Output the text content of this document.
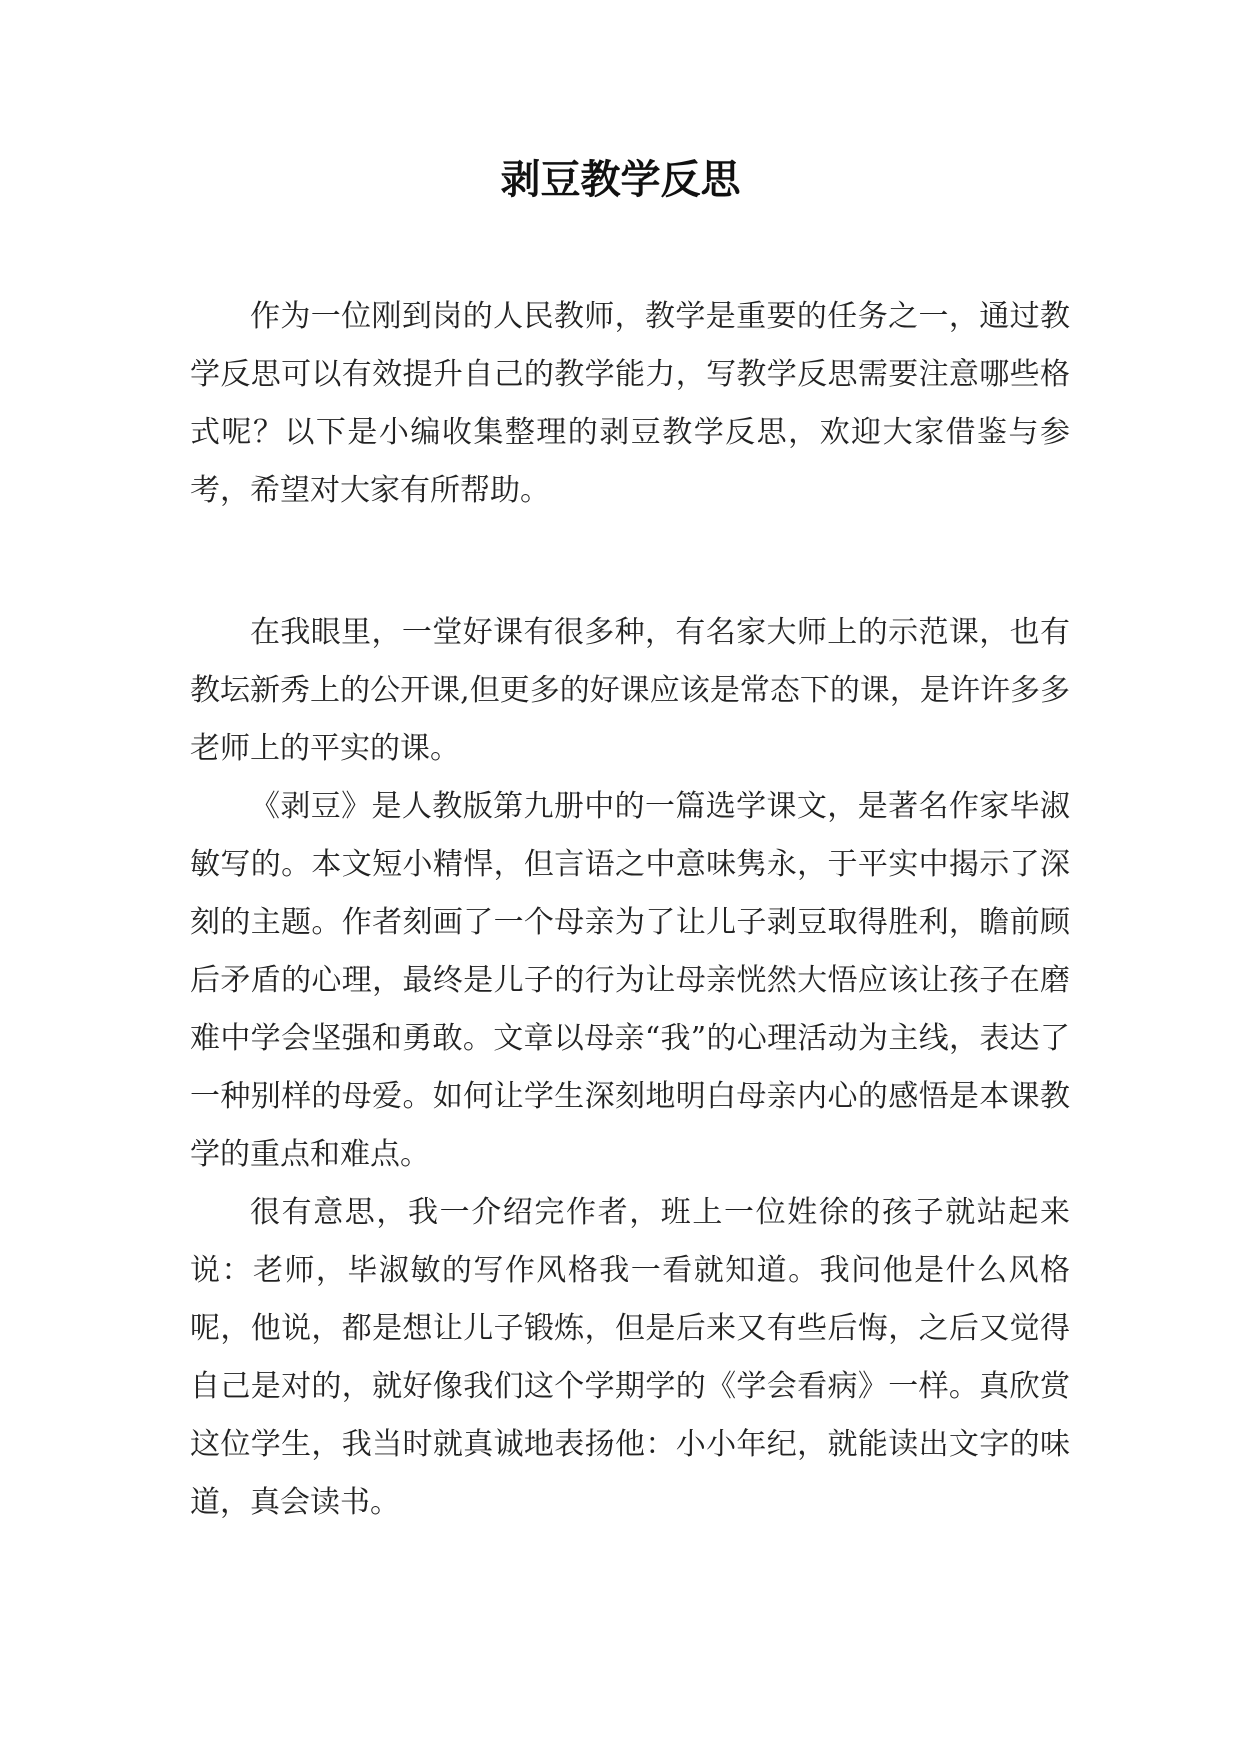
剥豆教学反思

作为一位刚到岗的人民教师，教学是重要的任务之一，通过教学反思可以有效提升自己的教学能力，写教学反思需要注意哪些格式呢？以下是小编收集整理的剥豆教学反思，欢迎大家借鉴与参考，希望对大家有所帮助。

在我眼里，一堂好课有很多种，有名家大师上的示范课，也有教坛新秀上的公开课,但更多的好课应该是常态下的课，是许许多多老师上的平实的课。

《剥豆》是人教版第九册中的一篇选学课文，是著名作家毕淑敏写的。本文短小精悍，但言语之中意味隽永，于平实中揭示了深刻的主题。作者刻画了一个母亲为了让儿子剥豆取得胜利，瞻前顾后矛盾的心理，最终是儿子的行为让母亲恍然大悟应该让孩子在磨难中学会坚强和勇敢。文章以母亲“我”的心理活动为主线，表达了一种别样的母爱。如何让学生深刻地明白母亲内心的感悟是本课教学的重点和难点。

很有意思，我一介绍完作者，班上一位姓徐的孩子就站起来说：老师，毕淑敏的写作风格我一看就知道。我问他是什么风格呢，他说，都是想让儿子锻炼，但是后来又有些后悔，之后又觉得自己是对的，就好像我们这个学期学的《学会看病》一样。真欣赏这位学生，我当时就真诚地表扬他：小小年纪，就能读出文字的味道，真会读书。
